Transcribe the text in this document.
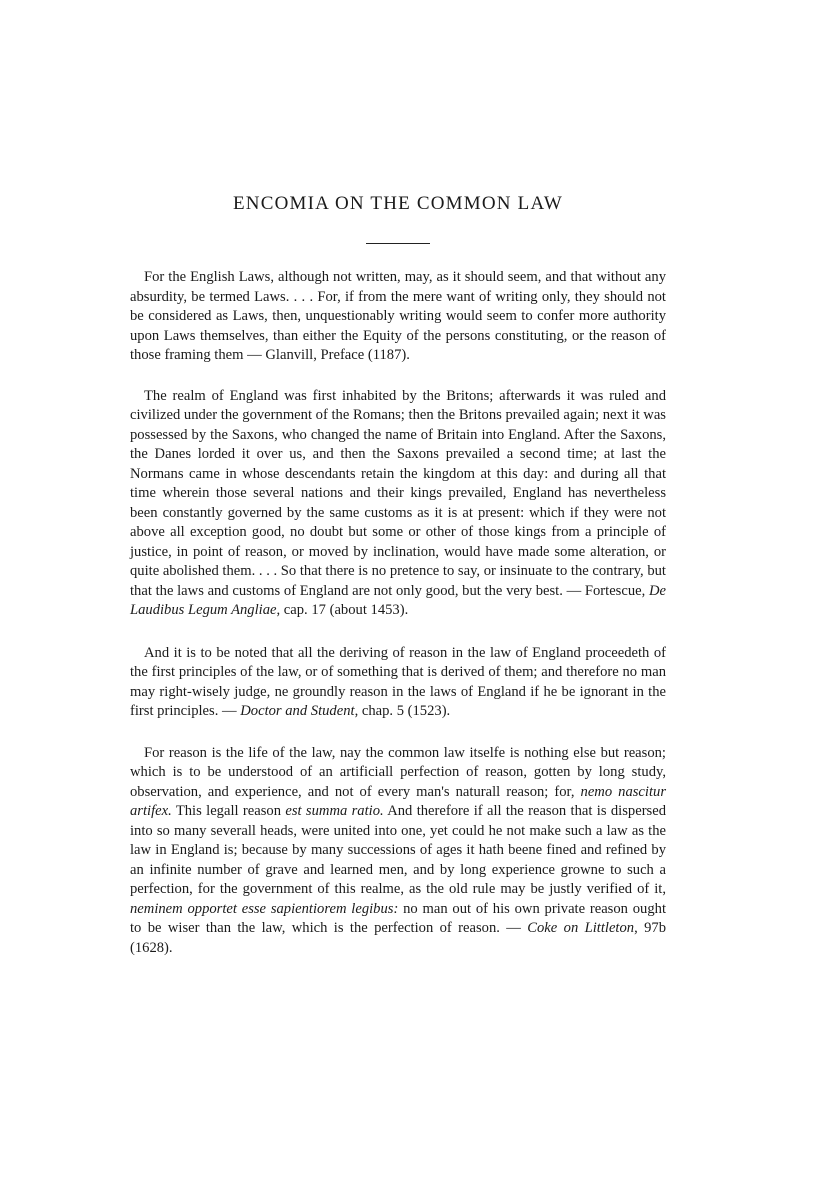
ENCOMIA ON THE COMMON LAW

For the English Laws, although not written, may, as it should seem, and that without any absurdity, be termed Laws. . . . For, if from the mere want of writing only, they should not be considered as Laws, then, unquestionably writing would seem to confer more authority upon Laws themselves, than either the Equity of the persons constituting, or the reason of those framing them — Glanvill, Preface (1187).

The realm of England was first inhabited by the Britons; afterwards it was ruled and civilized under the government of the Romans; then the Britons prevailed again; next it was possessed by the Saxons, who changed the name of Britain into England. After the Saxons, the Danes lorded it over us, and then the Saxons prevailed a second time; at last the Normans came in whose descendants retain the kingdom at this day: and during all that time wherein those several nations and their kings prevailed, England has nevertheless been constantly governed by the same customs as it is at present: which if they were not above all exception good, no doubt but some or other of those kings from a principle of justice, in point of reason, or moved by inclination, would have made some alteration, or quite abolished them. . . . So that there is no pretence to say, or insinuate to the contrary, but that the laws and customs of England are not only good, but the very best. — Fortescue, De Laudibus Legum Angliae, cap. 17 (about 1453).

And it is to be noted that all the deriving of reason in the law of England proceedeth of the first principles of the law, or of something that is derived of them; and therefore no man may right-wisely judge, ne groundly reason in the laws of England if he be ignorant in the first principles. — Doctor and Student, chap. 5 (1523).

For reason is the life of the law, nay the common law itselfe is nothing else but reason; which is to be understood of an artificiall perfection of reason, gotten by long study, observation, and experience, and not of every man's naturall reason; for, nemo nascitur artifex. This legall reason est summa ratio. And therefore if all the reason that is dispersed into so many severall heads, were united into one, yet could he not make such a law as the law in England is; because by many successions of ages it hath beene fined and refined by an infinite number of grave and learned men, and by long experience growne to such a perfection, for the government of this realme, as the old rule may be justly verified of it, neminem opportet esse sapientiorem legibus: no man out of his own private reason ought to be wiser than the law, which is the perfection of reason. — Coke on Littleton, 97b (1628).
